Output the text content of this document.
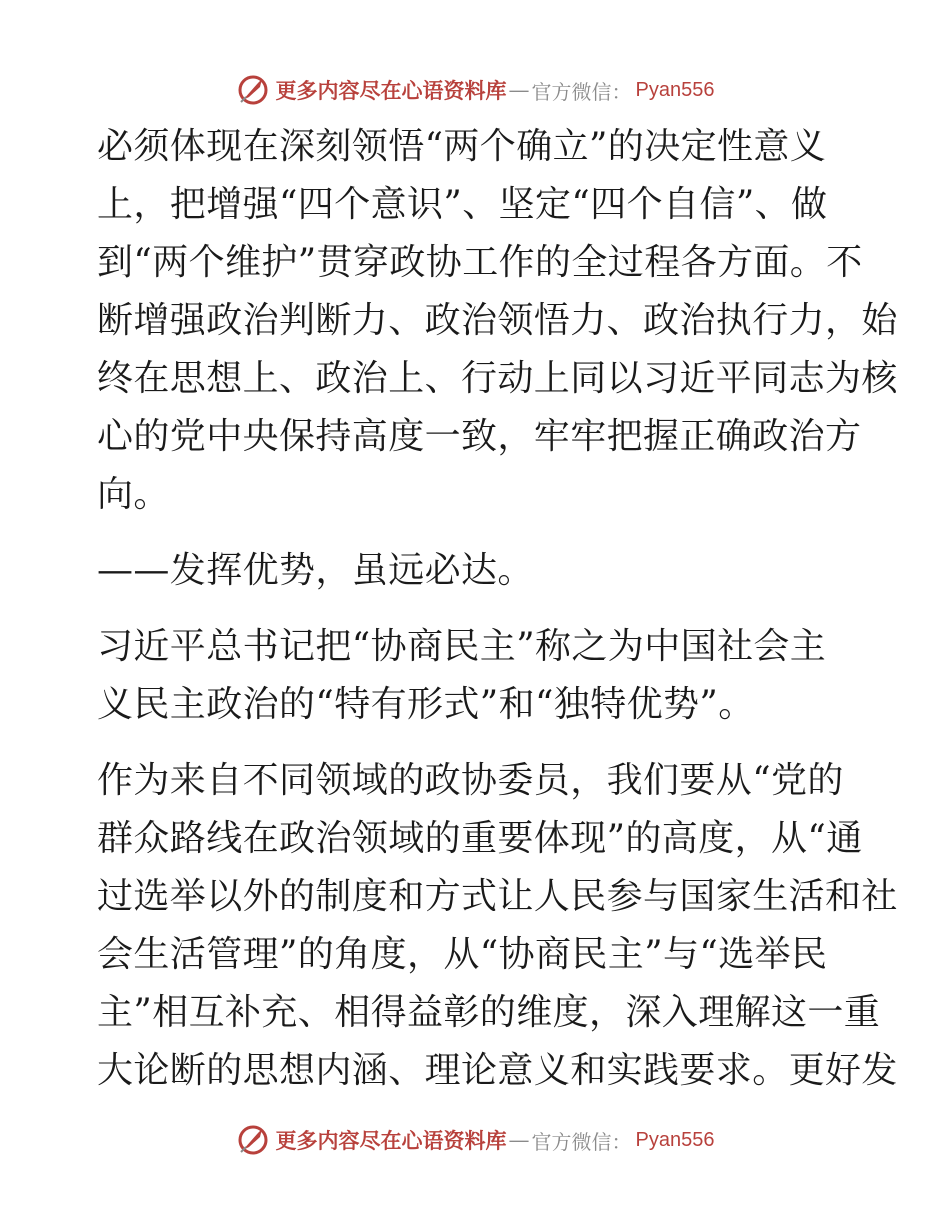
更多内容尽在心语资料库 — 官方微信： Pyan556
必须体现在深刻领悟“两个确立”的决定性意义
上，把增强“四个意识”、坚定“四个自信”、做
到“两个维护”贯穿政协工作的全过程各方面。不
断增强政治判断力、政治领悟力、政治执行力，始
终在思想上、政治上、行动上同以习近平同志为核
心的党中央保持高度一致，牢牢把握正确政治方
向。
——发挥优势，虽远必达。
习近平总书记把“协商民主”称之为中国社会主
义民主政治的“特有形式”和“独特优势”。
作为来自不同领域的政协委员，我们要从“党的
群众路线在政治领域的重要体现”的高度，从“通
过选举以外的制度和方式让人民参与国家生活和社
会生活管理”的角度，从“协商民主”与“选举民
主”相互补充、相得益彰的维度，深入理解这一重
大论断的思想内涵、理论意义和实践要求。更好发
更多内容尽在心语资料库 — 官方微信： Pyan556
